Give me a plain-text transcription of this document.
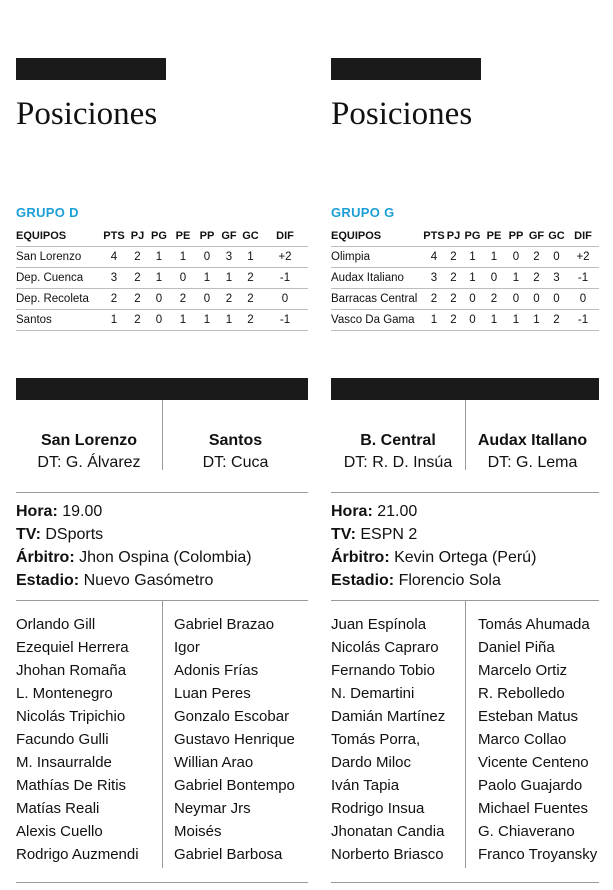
Posiciones
GRUPO D
EQUIPOS	PTS	PJ	PG	PE	PP	GF	GC	DIF
San Lorenzo	4	2	1	1	0	3	1	+2
Dep. Cuenca	3	2	1	0	1	1	2	-1
Dep. Recoleta	2	2	0	2	0	2	2	0
Santos	1	2	0	1	1	1	2	-1
San Lorenzo
DT: G. Álvarez
Santos
DT: Cuca
Hora: 19.00
TV: DSports
Árbitro: Jhon Ospina (Colombia)
Estadio: Nuevo Gasómetro
Orlando Gill
Ezequiel Herrera
Jhohan Romaña
L. Montenegro
Nicolás Tripichio
Facundo Gulli
M. Insaurralde
Mathías De Ritis
Matías Reali
Alexis Cuello
Rodrigo Auzmendi
Gabriel Brazao
Igor
Adonis Frías
Luan Peres
Gonzalo Escobar
Gustavo Henrique
Willian Arao
Gabriel Bontempo
Neymar Jrs
Moisés
Gabriel Barbosa
Posiciones
GRUPO G
EQUIPOS	PTS	PJ	PG	PE	PP	GF	GC	DIF
Olimpia	4	2	1	1	0	2	0	+2
Audax Italiano	3	2	1	0	1	2	3	-1
Barracas Central	2	2	0	2	0	0	0	0
Vasco Da Gama	1	2	0	1	1	1	2	-1
B. Central
DT: R. D. Insúa
Audax Itallano
DT: G. Lema
Hora: 21.00
TV: ESPN 2
Árbitro: Kevin Ortega (Perú)
Estadio: Florencio Sola
Juan Espínola
Nicolás Capraro
Fernando Tobio
N. Demartini
Damián Martínez
Tomás Porra,
Dardo Miloc
Iván Tapia
Rodrigo Insua
Jhonatan Candia
Norberto Briasco
Tomás Ahumada
Daniel Piña
Marcelo Ortiz
R. Rebolledo
Esteban Matus
Marco Collao
Vicente Centeno
Paolo Guajardo
Michael Fuentes
G. Chiaverano
Franco Troyansky
